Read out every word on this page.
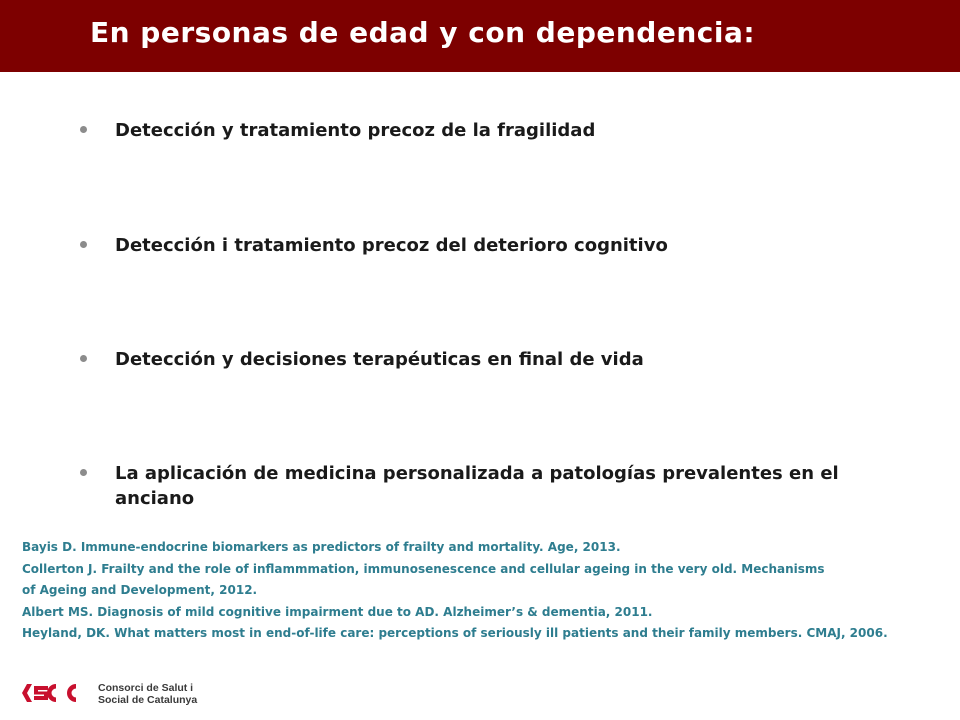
En personas de edad y con dependencia:
Detección y tratamiento precoz de la fragilidad
Detección i tratamiento precoz del deterioro cognitivo
Detección y decisiones terapéuticas en final de vida
La aplicación de medicina personalizada a patologías prevalentes en el anciano
Bayis D. Immune-endocrine biomarkers as predictors of frailty and mortality. Age, 2013.
Collerton J. Frailty and the role of inflammmation, immunosenescence and cellular ageing in the very old. Mechanisms
of Ageing and Development, 2012.
Albert MS. Diagnosis of mild cognitive impairment due to AD. Alzheimer’s & dementia, 2011.
Heyland, DK. What matters most in end-of-life care: perceptions of seriously ill patients and their family members. CMAJ, 2006.
Consorci de Salut i
Social de Catalunya
